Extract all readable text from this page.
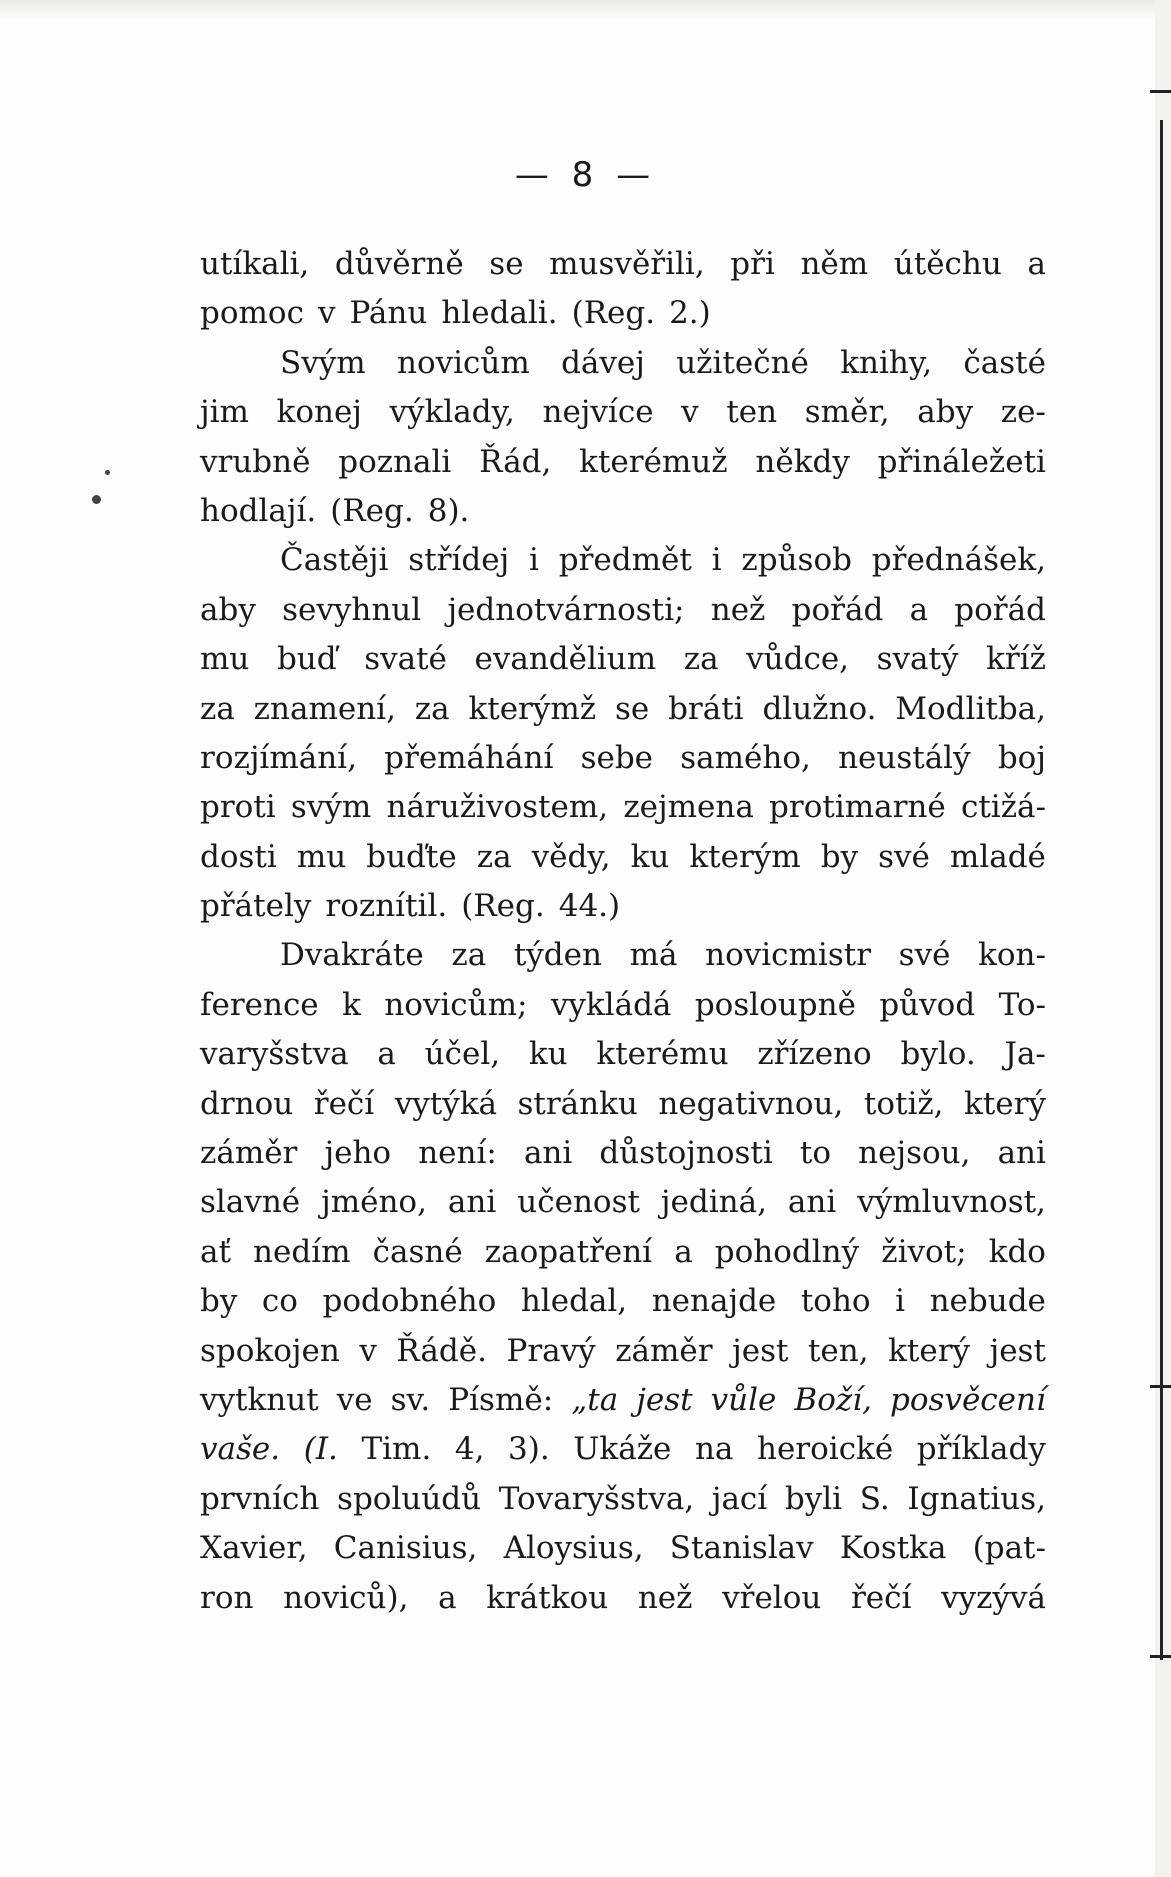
— 8 —
utíkali, důvěrně se musvěřili, při něm útěchu a
pomoc v Pánu hledali. (Reg. 2.)
Svým novicům dávej užitečné knihy, časté
jim konej výklady, nejvíce v ten směr, aby ze-
vrubně poznali Řád, kterémuž někdy přináležeti
hodlají. (Reg. 8).
Častěji střídej i předmět i způsob přednášek,
aby sevyhnul jednotvárnosti; než pořád a pořád
mu buď svaté evandělium za vůdce, svatý kříž
za znamení, za kterýmž se bráti dlužno. Modlitba,
rozjímání, přemáhání sebe samého, neustálý boj
proti svým náruživostem, zejmena protimarné ctižá-
dosti mu buďte za vědy, ku kterým by své mladé
přátely roznítil. (Reg. 44.)
Dvakráte za týden má novicmistr své kon-
ference k novicům; vykládá posloupně původ To-
varyšstva a účel, ku kterému zřízeno bylo. Ja-
drnou řečí vytýká stránku negativnou, totiž, který
záměr jeho není: ani důstojnosti to nejsou, ani
slavné jméno, ani učenost jediná, ani výmluvnost,
ať nedím časné zaopatření a pohodlný život; kdo
by co podobného hledal, nenajde toho i nebude
spokojen v Řádě. Pravý záměr jest ten, který jest
vytknut ve sv. Písmě: „ta jest vůle Boží, posvěcení
vaše. (I. Tim. 4, 3). Ukáže na heroické příklady
prvních spoluúdů Tovaryšstva, jací byli S. Ignatius,
Xavier, Canisius, Aloysius, Stanislav Kostka (pat-
ron noviců), a krátkou než vřelou řečí vyzývá
